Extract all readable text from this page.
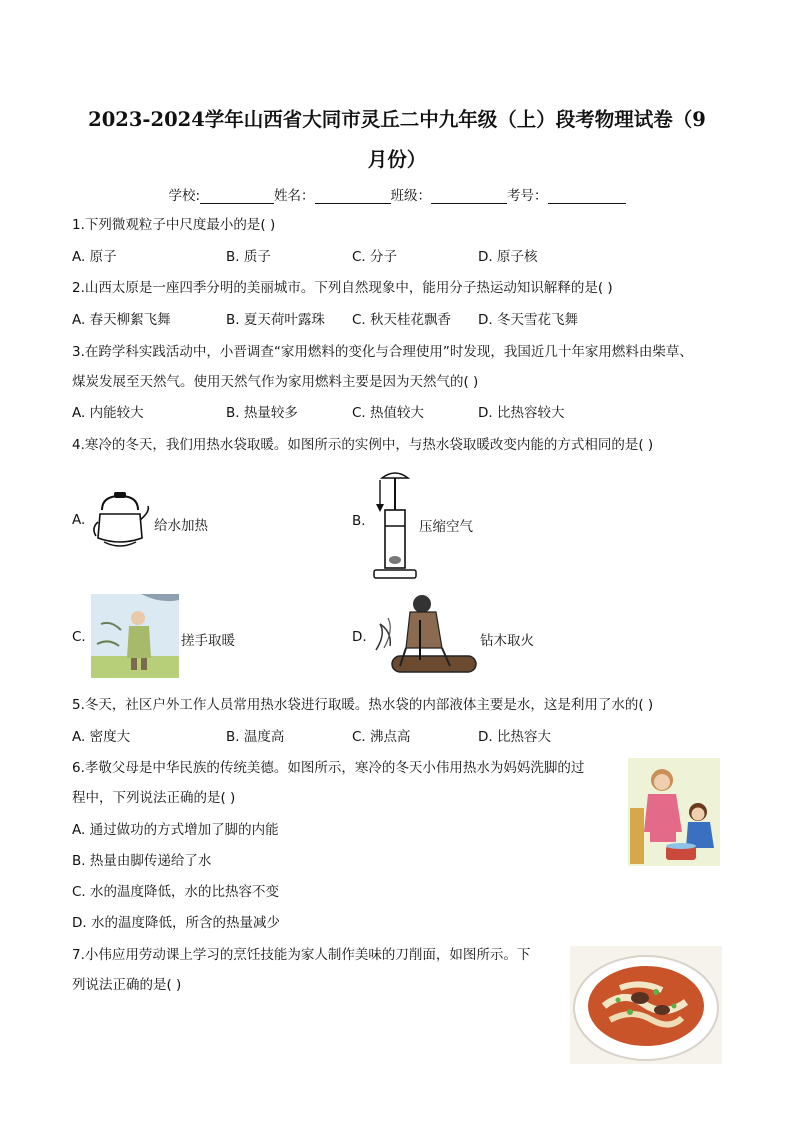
2023-2024学年山西省大同市灵丘二中九年级（上）段考物理试卷（9
月份）
学校:	姓名：	班级：	考号：
1.下列微观粒子中尺度最小的是( )
A. 原子	B. 质子	C. 分子	D. 原子核
2.山西太原是一座四季分明的美丽城市。下列自然现象中，能用分子热运动知识解释的是( )
A. 春天柳絮飞舞	B. 夏天荷叶露珠 C. 秋天桂花飘香 D. 冬天雪花飞舞
3.在跨学科实践活动中，小晋调查“家用燃料的变化与合理使用”时发现，我国近几十年家用燃料由柴草、
煤炭发展至天然气。使用天然气作为家用燃料主要是因为天然气的( )
A. 内能较大	B. 热量较多	C. 热值较大	D. 比热容较大
4.寒冷的冬天，我们用热水袋取暖。如图所示的实例中，与热水袋取暖改变内能的方式相同的是( )
A.	给水加热	B.	压缩空气
C.	搓手取暖	D.	钻木取火
5.冬天，社区户外工作人员常用热水袋进行取暖。热水袋的内部液体主要是水，这是利用了水的( )
A. 密度大	B. 温度高	C. 沸点高	D. 比热容大
6.孝敬父母是中华民族的传统美德。如图所示，寒冷的冬天小伟用热水为妈妈洗脚的过
程中，下列说法正确的是( )
A. 通过做功的方式增加了脚的内能
B. 热量由脚传递给了水
C. 水的温度降低，水的比热容不变
D. 水的温度降低，所含的热量减少
7.小伟应用劳动课上学习的烹饪技能为家人制作美味的刀削面，如图所示。下
列说法正确的是( )
